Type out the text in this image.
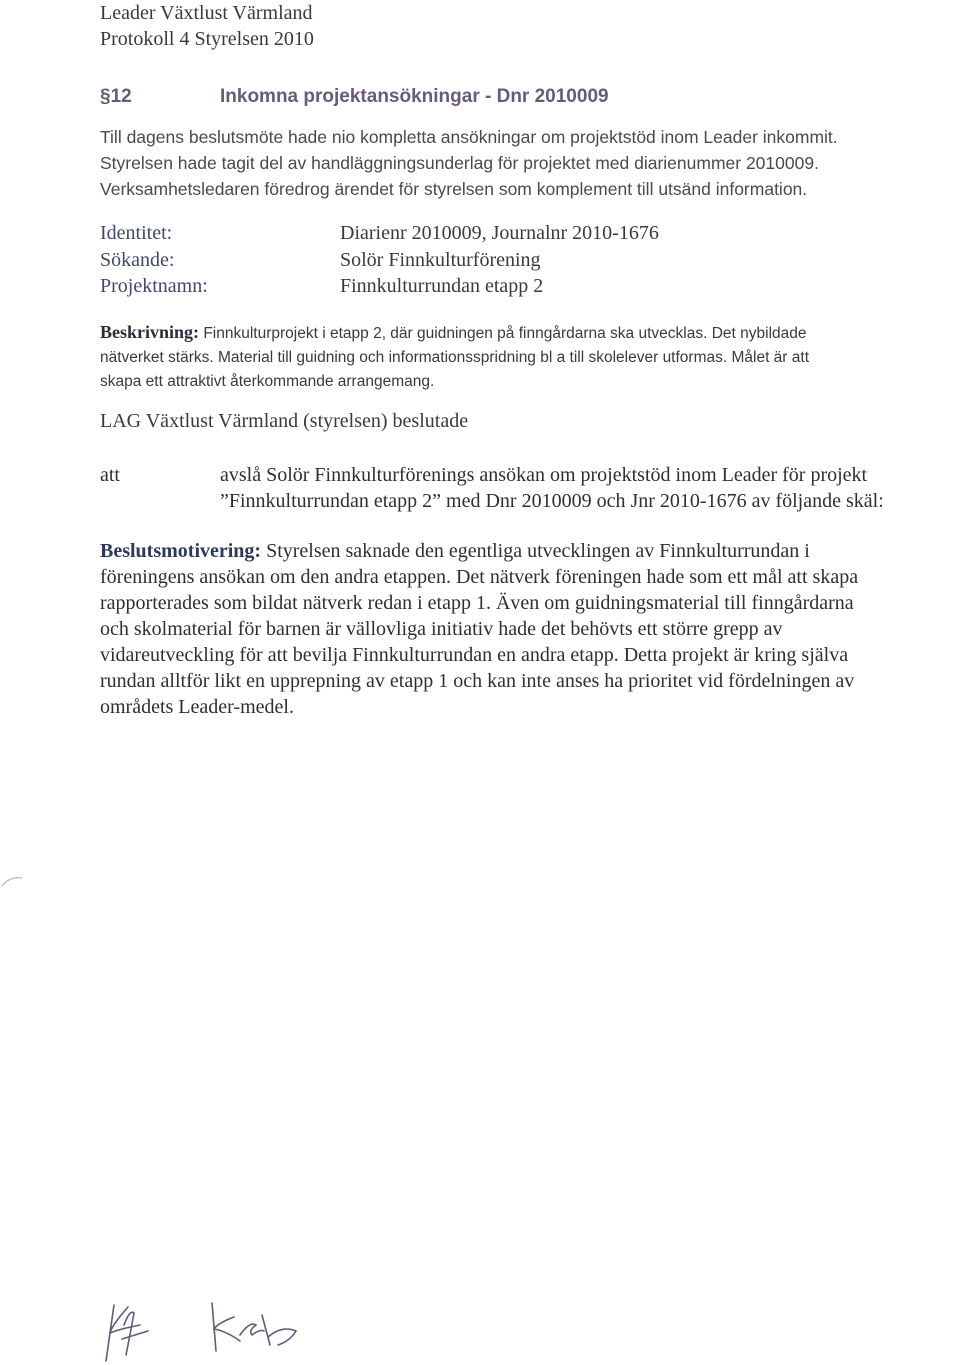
Leader Växtlust Värmland
Protokoll 4 Styrelsen 2010
§12	Inkomna projektansökningar - Dnr 2010009
Till dagens beslutsmöte hade nio kompletta ansökningar om projektstöd inom Leader inkommit.
Styrelsen hade tagit del av handläggningsunderlag för projektet med diarienummer 2010009.
Verksamhetsledaren föredrog ärendet för styrelsen som komplement till utsänd information.
Identitet:	Diarienr 2010009, Journalnr 2010-1676
Sökande:	Solör Finnkulturförening
Projektnamn:	Finnkulturrundan etapp 2
Beskrivning: Finnkulturprojekt i etapp 2, där guidningen på finngårdarna ska utvecklas. Det nybildade
nätverket stärks. Material till guidning och informationsspridning bl a till skolelever utformas. Målet är att
skapa ett attraktivt återkommande arrangemang.
LAG Växtlust Värmland (styrelsen) beslutade
att	avslå Solör Finnkulturförenings ansökan om projektstöd inom Leader för projekt
”Finnkulturrundan etapp 2” med Dnr 2010009 och Jnr 2010-1676 av följande skäl:
Beslutsmotivering: Styrelsen saknade den egentliga utvecklingen av Finnkulturrundan i
föreningens ansökan om den andra etappen. Det nätverk föreningen hade som ett mål att skapa
rapporterades som bildat nätverk redan i etapp 1. Även om guidningsmaterial till finngårdarna
och skolmaterial för barnen är vällovliga initiativ hade det behövts ett större grepp av
vidareutveckling för att bevilja Finnkulturrundan en andra etapp. Detta projekt är kring själva
rundan alltför likt en upprepning av etapp 1 och kan inte anses ha prioritet vid fördelningen av
områdets Leader-medel.
